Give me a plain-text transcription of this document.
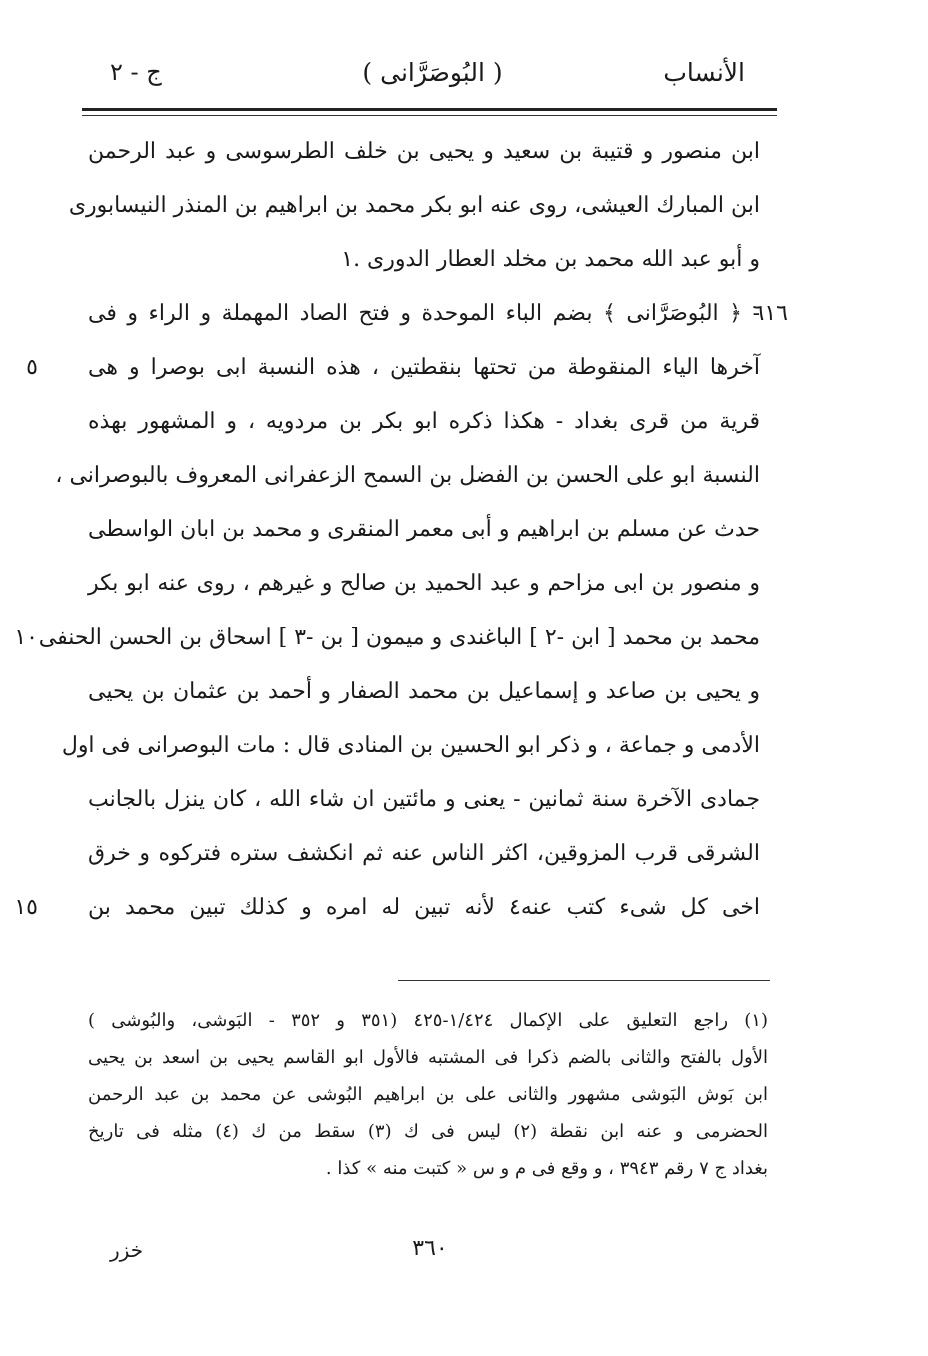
الأنساب
( البُوصَرَّانى )
ج - ٢
ابن منصور و قتيبة بن سعيد و يحيى بن خلف الطرسوسى و عبد الرحمن
ابن المبارك العيشى، روى عنه ابو بكر محمد بن ابراهيم بن المنذر النيسابورى
و أبو عبد الله محمد بن مخلد العطار الدورى .١
٦١٦
- ﴿ البُوصَرَّانى ﴾ بضم الباء الموحدة و فتح الصاد المهملة و الراء و فى
٥ آخرها الياء المنقوطة من تحتها بنقطتين ، هذه النسبة ابى بوصرا و هى
قرية من قرى بغداد - هكذا ذكره ابو بكر بن مردويه ، و المشهور بهذه
النسبة ابو على الحسن بن الفضل بن السمح الزعفرانى المعروف بالبوصرانى ،
حدث عن مسلم بن ابراهيم و أبى معمر المنقرى و محمد بن ابان الواسطى
و منصور بن ابى مزاحم و عبد الحميد بن صالح و غيرهم ، روى عنه ابو بكر
١٠ محمد بن محمد [ ابن -٢ ] الباغندى و ميمون [ بن -٣ ] اسحاق بن الحسن الحنفى
و يحيى بن صاعد و إسماعيل بن محمد الصفار و أحمد بن عثمان بن يحيى
الأدمى و جماعة ، و ذكر ابو الحسين بن المنادى قال : مات البوصرانى فى اول
جمادى الآخرة سنة ثمانين - يعنى و مائتين ان شاء الله ، كان ينزل بالجانب
الشرقى قرب المزوقين، اكثر الناس عنه ثم انكشف ستره فتركوه و خرق
١٥ اخى كل شىء كتب عنه٤ لأنه تبين له امره و كذلك تبين محمد بن
(١) راجع التعليق على الإكمال ١/٤٢٤-٤٢٥ (٣٥١ و ٣٥٢ - البَوشى، والبُوشى )
الأول بالفتح والثانى بالضم ذكرا فى المشتبه فالأول ابو القاسم يحيى بن اسعد بن يحيى
ابن بَوش البَوشى مشهور والثانى على بن ابراهيم البُوشى عن محمد بن عبد الرحمن
الحضرمى و عنه ابن نقطة (٢) ليس فى ك (٣) سقط من ك (٤) مثله فى تاريخ
بغداد ج ٧ رقم ٣٩٤٣ ، و وقع فى م و س « كتبت منه » كذا .
٣٦٠
خزر
